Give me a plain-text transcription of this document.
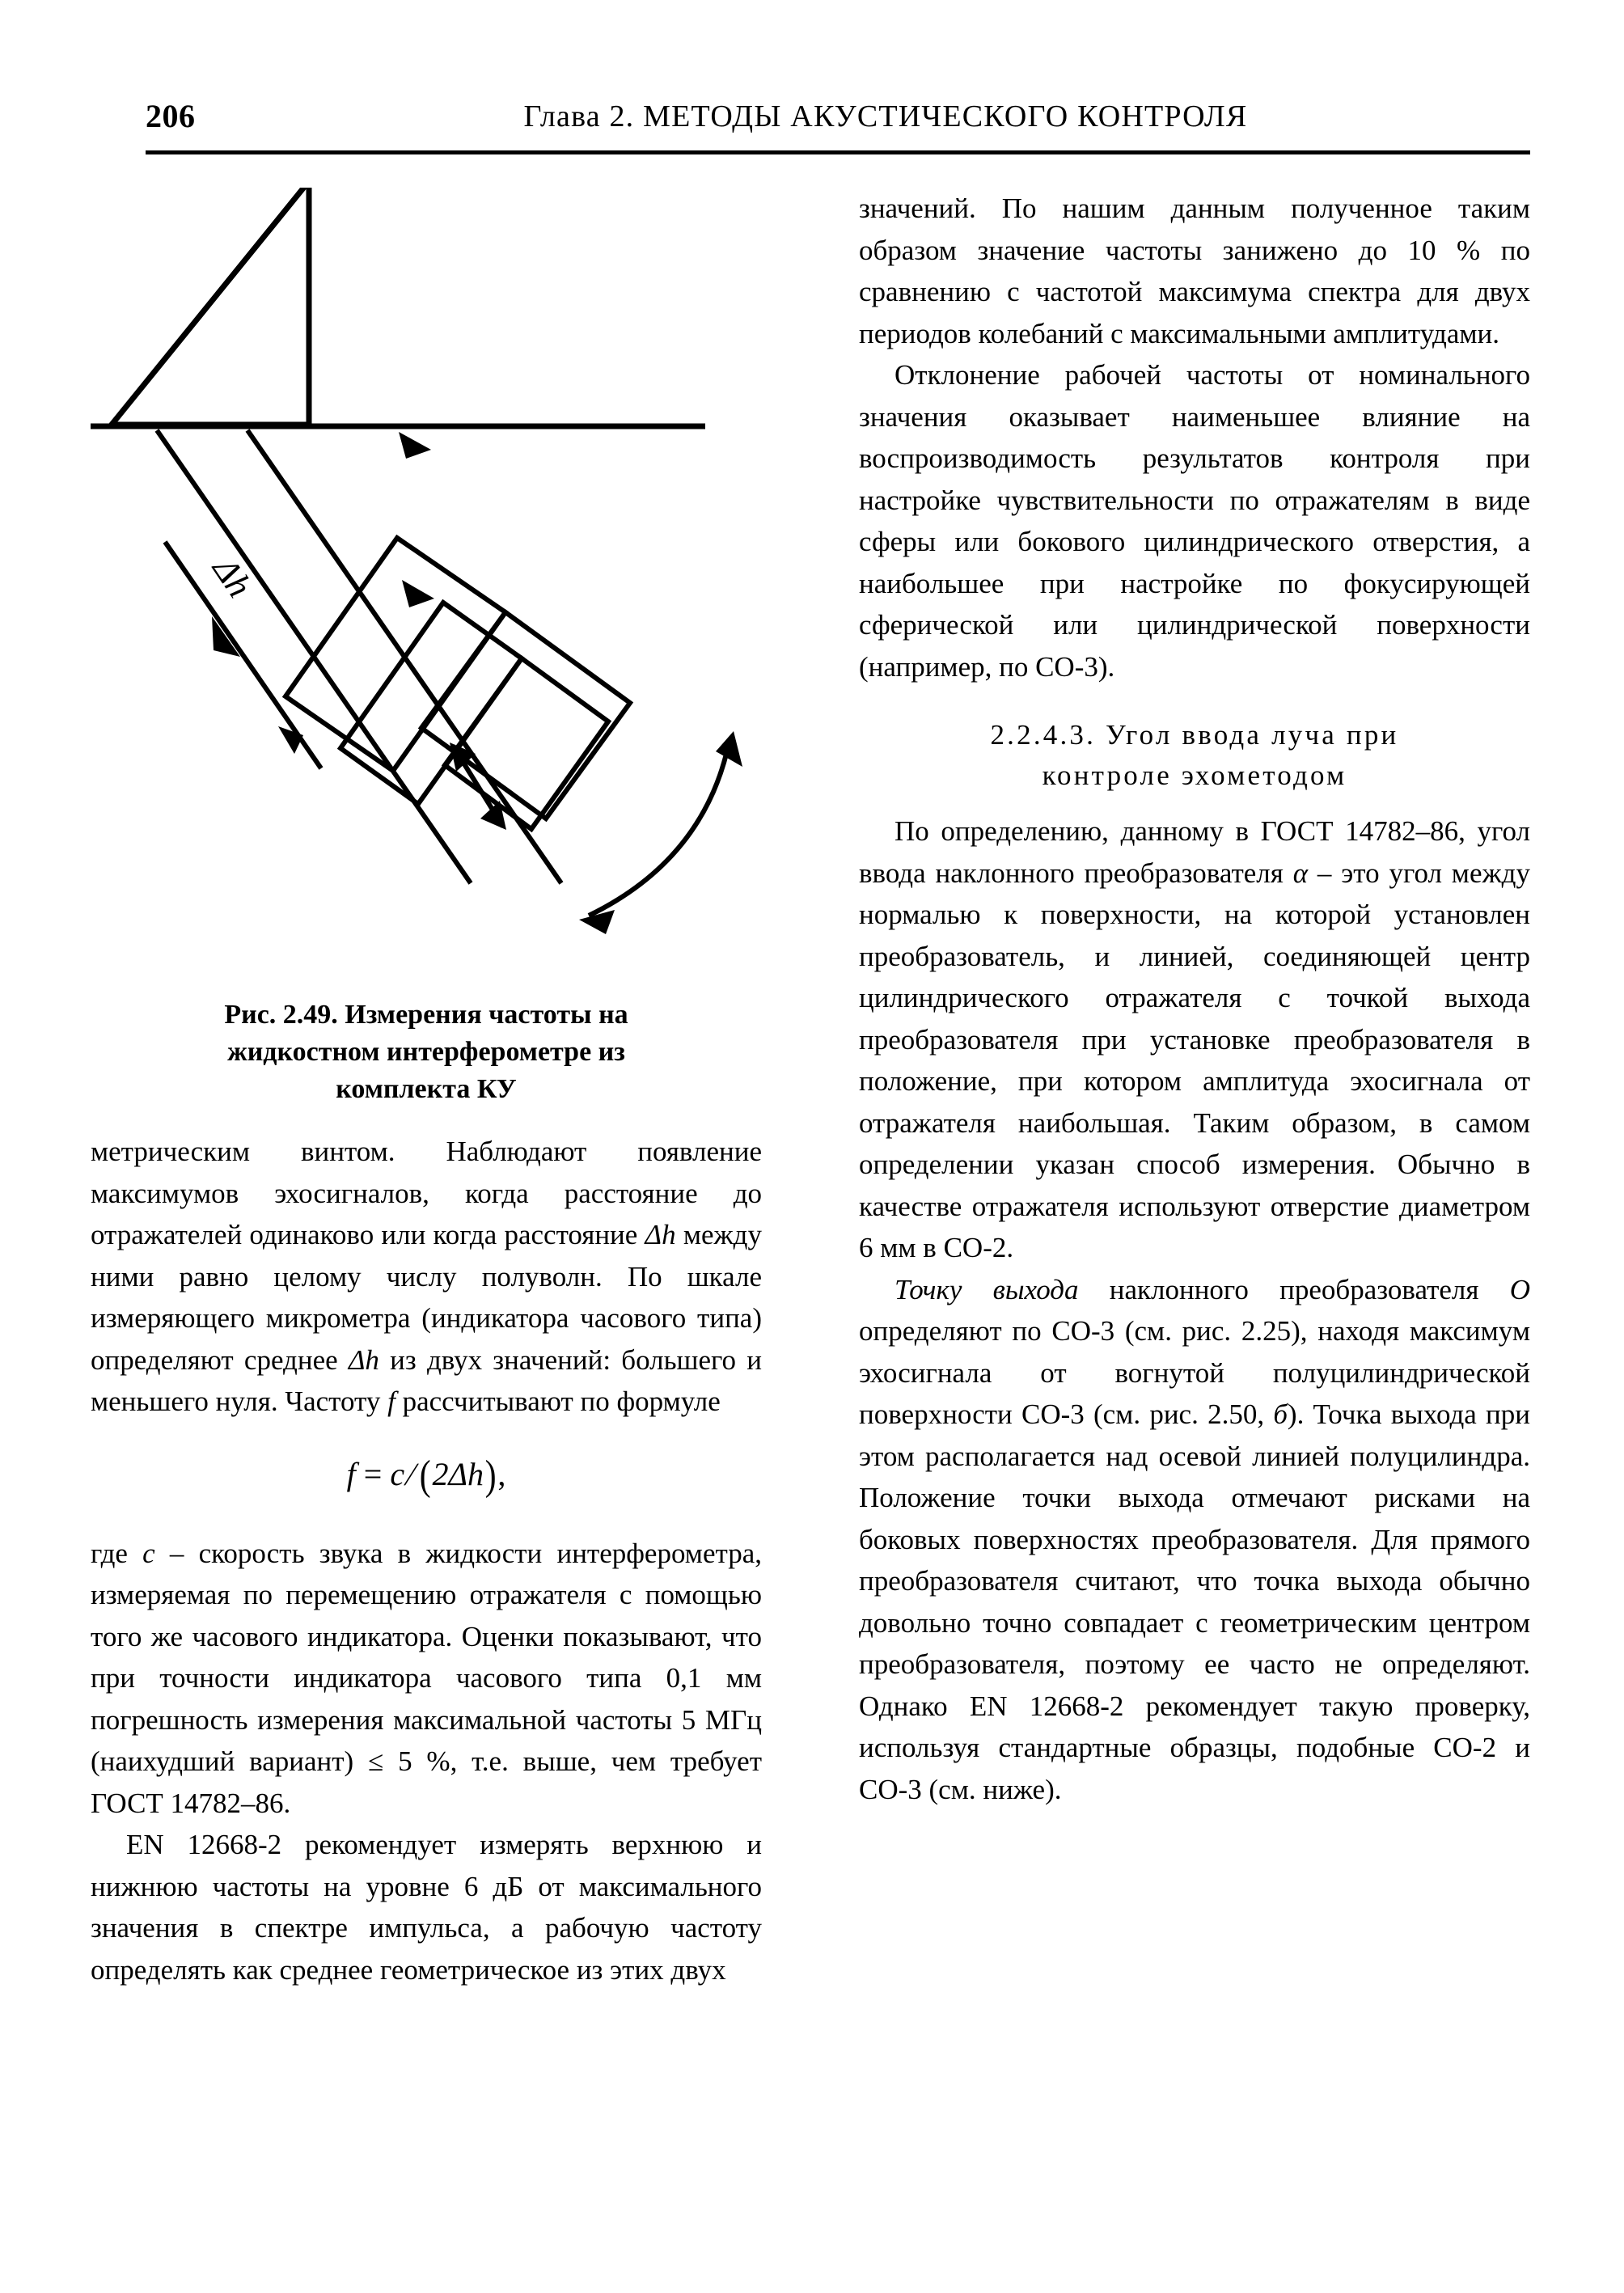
206	Глава 2. МЕТОДЫ АКУСТИЧЕСКОГО КОНТРОЛЯ
Δh
Рис. 2.49. Измерения частоты на
жидкостном интерферометре из
комплекта КУ

метрическим винтом. Наблюдают появление максимумов эхосигналов, когда расстояние до отражателей одинаково или когда расстояние Δh между ними равно целому числу полуволн. По шкале измеряющего микрометра (индикатора часового типа) определяют среднее Δh из двух значений: большего и меньшего нуля. Частоту f рассчитывают по формуле

f = c/(2Δh),

где c – скорость звука в жидкости интерферометра, измеряемая по перемещению отражателя с помощью того же часового индикатора. Оценки показывают, что при точности индикатора часового типа 0,1 мм погрешность измерения максимальной частоты 5 МГц (наихудший вариант) ≤ 5 %, т.е. выше, чем требует ГОСТ 14782–86.

EN 12668-2 рекомендует измерять верхнюю и нижнюю частоты на уровне 6 дБ от максимального значения в спектре импульса, а рабочую частоту определять как среднее геометрическое из этих двух

значений. По нашим данным полученное таким образом значение частоты занижено до 10 % по сравнению с частотой максимума спектра для двух периодов колебаний с максимальными амплитудами.

Отклонение рабочей частоты от номинального значения оказывает наименьшее влияние на воспроизводимость результатов контроля при настройке чувствительности по отражателям в виде сферы или бокового цилиндрического отверстия, а наибольшее при настройке по фокусирующей сферической или цилиндрической поверхности (например, по СО-3).

2.2.4.3. Угол ввода луча при
контроле эхометодом

По определению, данному в ГОСТ 14782–86, угол ввода наклонного преобразователя α – это угол между нормалью к поверхности, на которой установлен преобразователь, и линией, соединяющей центр цилиндрического отражателя с точкой выхода преобразователя при установке преобразователя в положение, при котором амплитуда эхосигнала от отражателя наибольшая. Таким образом, в самом определении указан способ измерения. Обычно в качестве отражателя используют отверстие диаметром 6 мм в СО-2.

Точку выхода наклонного преобразователя O определяют по СО-3 (см. рис. 2.25), находя максимум эхосигнала от вогнутой полуцилиндрической поверхности СО-3 (см. рис. 2.50, б). Точка выхода при этом располагается над осевой линией полуцилиндра. Положение точки выхода отмечают рисками на боковых поверхностях преобразователя. Для прямого преобразователя считают, что точка выхода обычно довольно точно совпадает с геометрическим центром преобразователя, поэтому ее часто не определяют. Однако EN 12668-2 рекомендует такую проверку, используя стандартные образцы, подобные СО-2 и СО-3 (см. ниже).
